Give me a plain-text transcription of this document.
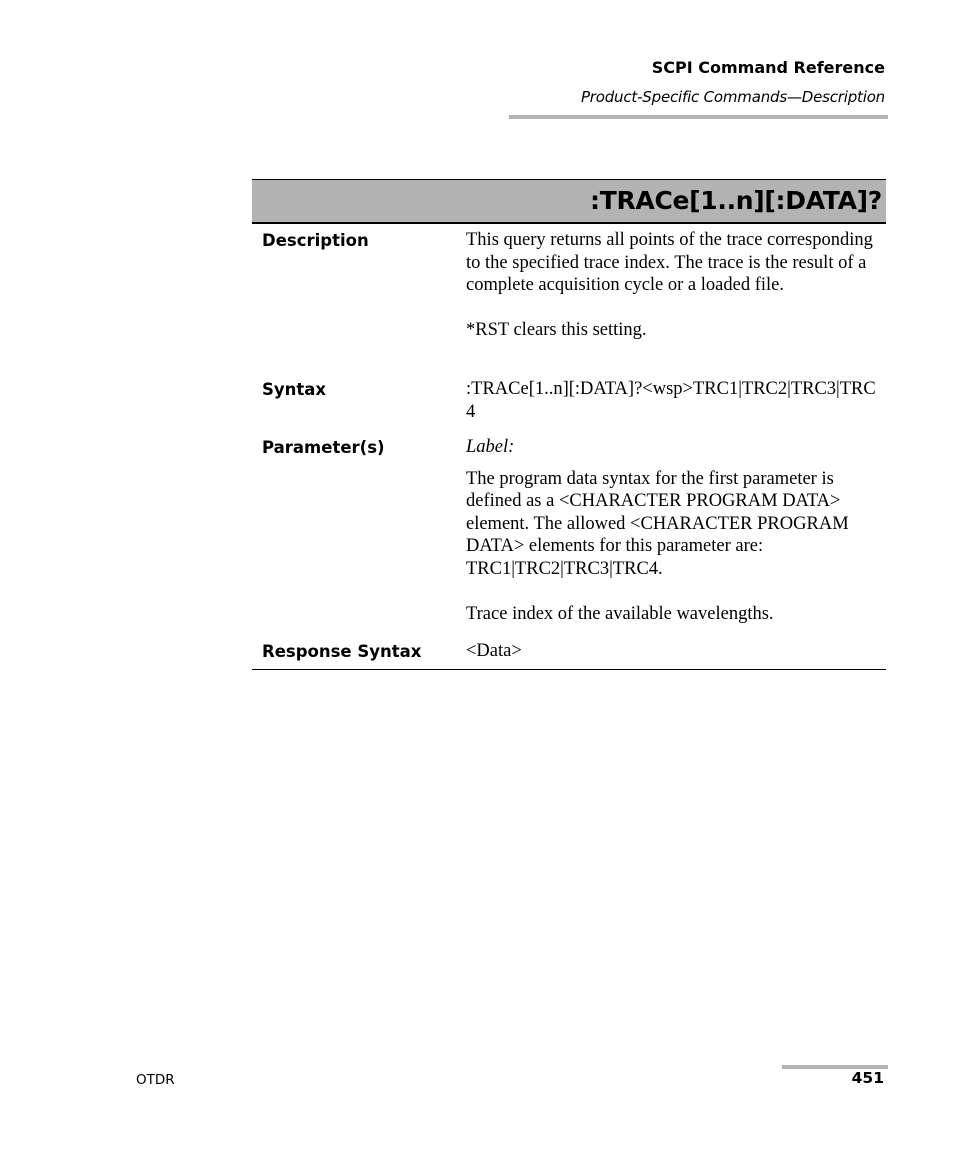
SCPI Command Reference
Product-Specific Commands—Description
:TRACe[1..n][:DATA]?
Description	This query returns all points of the trace corresponding to the specified trace index. The trace is the result of a complete acquisition cycle or a loaded file.

*RST clears this setting.

Syntax	:TRACe[1..n][:DATA]?<wsp>TRC1|TRC2|TRC3|TRC4

Parameter(s)	Label:

The program data syntax for the first parameter is defined as a <CHARACTER PROGRAM DATA> element. The allowed <CHARACTER PROGRAM DATA> elements for this parameter are: TRC1|TRC2|TRC3|TRC4.

Trace index of the available wavelengths.

Response Syntax <Data>

OTDR	451
